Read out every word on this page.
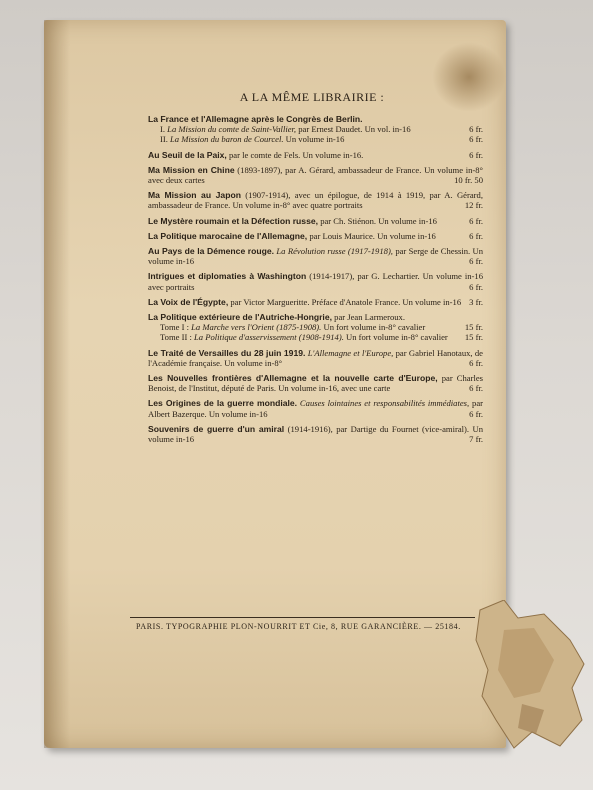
A LA MÊME LIBRAIRIE :
La France et l'Allemagne après le Congrès de Berlin.
I. La Mission du comte de Saint-Vallier, par Ernest Daudet. Un vol. in-16	6 fr.
II. La Mission du baron de Courcel. Un volume in-16	6 fr.
Au Seuil de la Paix, par le comte de Fels. Un volume in-16.	6 fr.
Ma Mission en Chine (1893-1897), par A. Gérard, ambassadeur de France. Un volume in-8° avec deux cartes	10 fr. 50
Ma Mission au Japon (1907-1914), avec un épilogue, de 1914 à 1919, par A. Gérard, ambassadeur de France. Un volume in-8° avec quatre portraits	12 fr.
Le Mystère roumain et la Défection russe, par Ch. Stiénon. Un volume in-16	6 fr.
La Politique marocaine de l'Allemagne, par Louis Maurice. Un volume in-16	6 fr.
Au Pays de la Démence rouge. La Révolution russe (1917-1918), par Serge de Chessin. Un volume in-16	6 fr.
Intrigues et diplomaties à Washington (1914-1917), par G. Lechartier. Un volume in-16 avec portraits	6 fr.
La Voix de l'Égypte, par Victor Margueritte. Préface d'Anatole France. Un volume in-16 3 fr.
La Politique extérieure de l'Autriche-Hongrie, par Jean Larmeroux.
Tome I : La Marche vers l'Orient (1875-1908). Un fort volume in-8° cavalier	15 fr.
Tome II : La Politique d'asservissement (1908-1914). Un fort volume in-8° cavalier 15 fr.
Le Traité de Versailles du 28 juin 1919. L'Allemagne et l'Europe, par Gabriel Hanotaux, de l'Académie française. Un volume in-8°	6 fr.
Les Nouvelles frontières d'Allemagne et la nouvelle carte d'Europe, par Charles Benoist, de l'Institut, député de Paris. Un volume in-16, avec une carte	6 fr.
Les Origines de la guerre mondiale. Causes lointaines et responsabilités immédiates, par Albert Bazerque. Un volume in-16	6 fr.
Souvenirs de guerre d'un amiral (1914-1916), par Dartige du Fournet (vice-amiral). Un volume in-16	7 fr.
PARIS. TYPOGRAPHIE PLON-NOURRIT ET Cie, 8, RUE GARANCIÈRE. — 25184.
